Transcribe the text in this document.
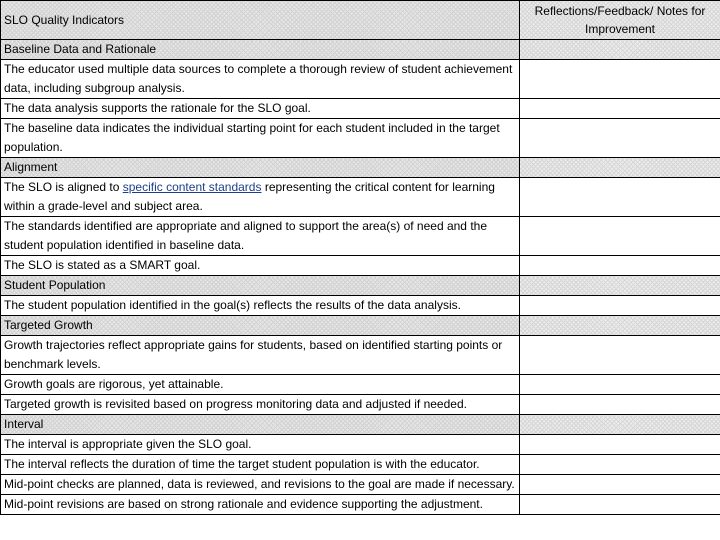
SLO Quality Indicators	Reflections/Feedback/ Notes for Improvement
Baseline Data and Rationale	
The educator used multiple data sources to complete a thorough review of student achievement data, including subgroup analysis.	
The data analysis supports the rationale for the SLO goal.	
The baseline data indicates the individual starting point for each student included in the target population.	
Alignment	
The SLO is aligned to specific content standards representing the critical content for learning within a grade-level and subject area.	
The standards identified are appropriate and aligned to support the area(s) of need and the student population identified in baseline data.	
The SLO is stated as a SMART goal.	
Student Population	
The student population identified in the goal(s) reflects the results of the data analysis.	
Targeted Growth	
Growth trajectories reflect appropriate gains for students, based on identified starting points or benchmark levels.	
Growth goals are rigorous, yet attainable.	
Targeted growth is revisited based on progress monitoring data and adjusted if needed.	
Interval	
The interval is appropriate given the SLO goal.	
The interval reflects the duration of time the target student population is with the educator.	
Mid-point checks are planned, data is reviewed, and revisions to the goal are made if necessary.	
Mid-point revisions are based on strong rationale and evidence supporting the adjustment.	
